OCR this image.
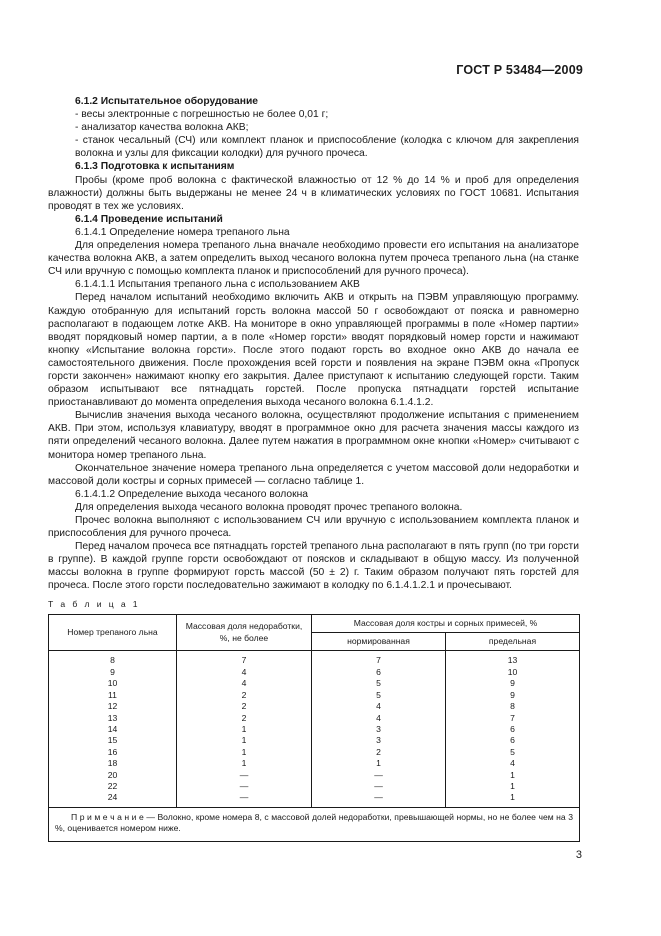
ГОСТ Р 53484—2009

6.1.2 Испытательное оборудование

- весы электронные с погрешностью не более 0,01 г;

- анализатор качества волокна АКВ;

- станок чесальный (СЧ) или комплект планок и приспособление (колодка с ключом для закрепления волокна и узлы для фиксации колодки) для ручного прочеса.

6.1.3 Подготовка к испытаниям

Пробы (кроме проб волокна с фактической влажностью от 12 % до 14 % и проб для определения влажности) должны быть выдержаны не менее 24 ч в климатических условиях по ГОСТ 10681. Испытания проводят в тех же условиях.

6.1.4 Проведение испытаний

6.1.4.1 Определение номера трепаного льна

Для определения номера трепаного льна вначале необходимо провести его испытания на анализаторе качества волокна АКВ, а затем определить выход чесаного волокна путем прочеса трепаного льна (на станке СЧ или вручную с помощью комплекта планок и приспособлений для ручного прочеса).

6.1.4.1.1 Испытания трепаного льна с использованием АКВ

Перед началом испытаний необходимо включить АКВ и открыть на ПЭВМ управляющую программу. Каждую отобранную для испытаний горсть волокна массой 50 г освобождают от пояска и равномерно располагают в подающем лотке АКВ. На мониторе в окно управляющей программы в поле «Номер партии» вводят порядковый номер партии, а в поле «Номер горсти» вводят порядковый номер горсти и нажимают кнопку «Испытание волокна горсти». После этого подают горсть во входное окно АКВ до начала ее самостоятельного движения. После прохождения всей горсти и появления на экране ПЭВМ окна «Пропуск горсти закончен» нажимают кнопку его закрытия. Далее приступают к испытанию следующей горсти. Таким образом испытывают все пятнадцать горстей. После пропуска пятнадцати горстей испытание приостанавливают до момента определения выхода чесаного волокна 6.1.4.1.2.

Вычислив значения выхода чесаного волокна, осуществляют продолжение испытания с применением АКВ. При этом, используя клавиатуру, вводят в программное окно для расчета значения массы каждого из пяти определений чесаного волокна. Далее путем нажатия в программном окне кнопки «Номер» считывают с монитора номер трепаного льна.

Окончательное значение номера трепаного льна определяется с учетом массовой доли недоработки и массовой доли костры и сорных примесей — согласно таблице 1.

6.1.4.1.2 Определение выхода чесаного волокна

Для определения выхода чесаного волокна проводят прочес трепаного волокна.

Прочес волокна выполняют с использованием СЧ или вручную с использованием комплекта планок и приспособления для ручного прочеса.

Перед началом прочеса все пятнадцать горстей трепаного льна располагают в пять групп (по три горсти в группе). В каждой группе горсти освобождают от поясков и складывают в общую массу. Из полученной массы волокна в группе формируют горсть массой (50 ± 2) г. Таким образом получают пять горстей для прочеса. После этого горсти последовательно зажимают в колодку по 6.1.4.1.2.1 и прочесывают.

Т а б л и ц а 1

Номер трепаного льна	Массовая доля недоработки, %, не более	Массовая доля костры и сорных примесей, %	
		нормированная	предельная
8	7	7	13
9	4	6	10
10	4	5	9
11	2	5	9
12	2	4	8
13	2	4	7
14	1	3	6
15	1	3	6
16	1	2	5
18	1	1	4
20	—	—	1
22	—	—	1
24	—	—	1
П р и м е ч а н и е — Волокно, кроме номера 8, с массовой долей недоработки, превышающей нормы, но не более чем на 3 %, оценивается номером ниже.			
3
